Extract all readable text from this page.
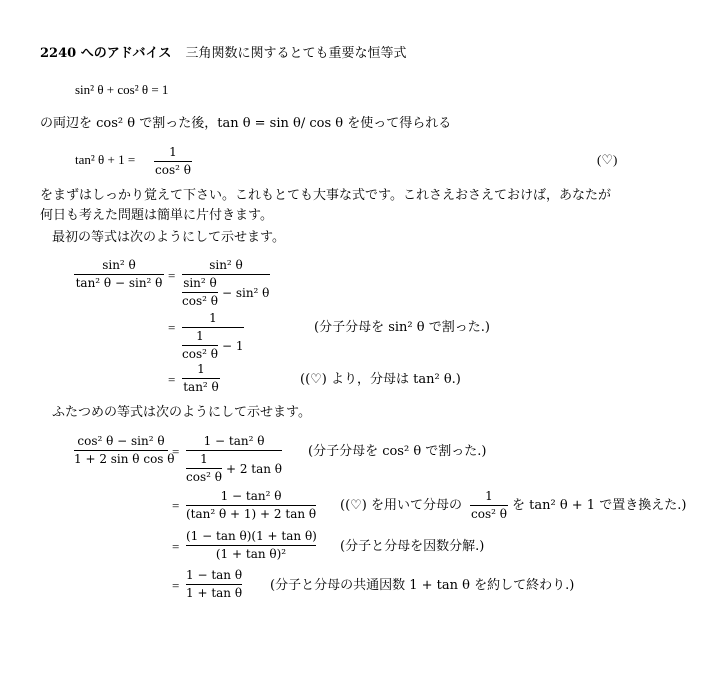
2240 へのアドバイス 三角関数に関するとても重要な恒等式
sin² θ + cos² θ = 1
の両辺を cos² θ で割った後，tan θ = sin θ/ cos θ を使って得られる
tan² θ + 1 =	1
cos² θ
(♡)
をまずはしっかり覚えて下さい。これもとても大事な式です。これさえおさえておけば，あなたが
何日も考えた問題は簡単に片付きます。
最初の等式は次のようにして示せます。
sin² θ
tan² θ − sin² θ =
sin² θ
sin² θ
cos² θ
− sin² θ
=
1
1
cos² θ
− 1
(分子分母を sin² θ で割った.)
=
1
tan² θ	((♡) より，分母は tan² θ.)
ふたつめの等式は次のようにして示せます。
cos² θ − sin² θ
1 + 2 sin θ cos θ
=
1 − tan² θ
1
cos² θ
+ 2 tan θ
(分子分母を cos² θ で割った.)
=
1 − tan² θ
(tan² θ + 1) + 2 tan θ
((♡) を用いて分母の
1
cos² θ
を tan² θ + 1 で置き換えた.)
=
(1 − tan θ)(1 + tan θ)
(1 + tan θ)²	(分子と分母を因数分解.)
=
1 − tan θ
1 + tan θ (分子と分母の共通因数 1 + tan θ を約して終わり.)
